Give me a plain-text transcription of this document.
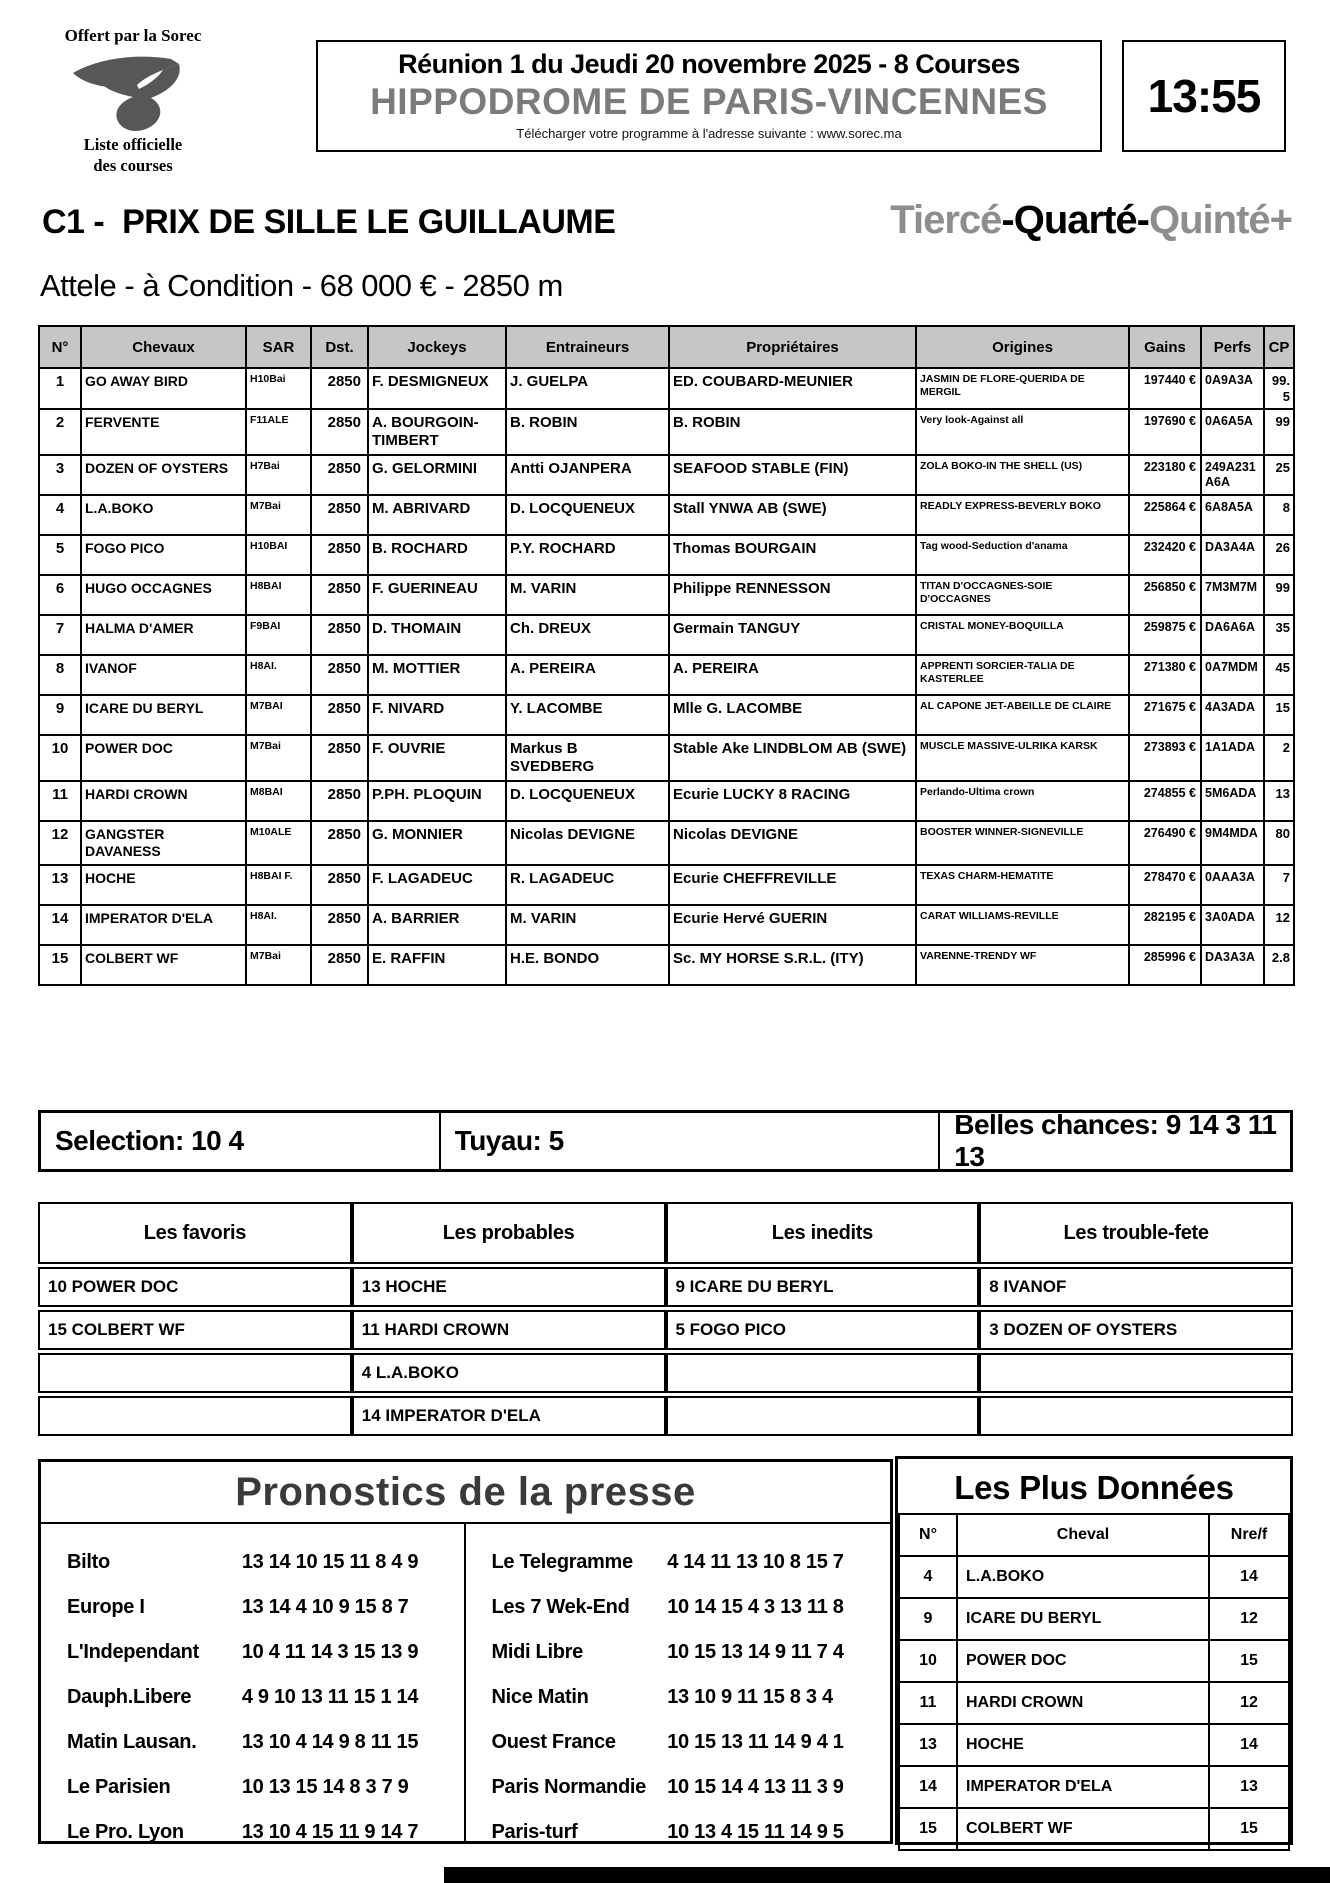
Offert par la Sorec
Liste officielle
des courses
Réunion 1 du Jeudi 20 novembre 2025 - 8 Courses
HIPPODROME DE PARIS-VINCENNES
Télécharger votre programme à l'adresse suivante : www.sorec.ma
13:55
C1 -  PRIX DE SILLE LE GUILLAUME	Tiercé-Quarté-Quinté+
Attele - à Condition - 68 000 € - 2850 m
N°	Chevaux	SAR	Dst.	Jockeys	Entraineurs	Propriétaires	Origines	Gains	Perfs	CP
1	GO AWAY BIRD	H10Bai	2850	F. DESMIGNEUX	J. GUELPA	ED. COUBARD-MEUNIER	JASMIN DE FLORE-QUERIDA DE MERGIL	197440 €	0A9A3A	99.5
2	FERVENTE	F11ALE	2850	A. BOURGOIN-TIMBERT	B. ROBIN	B. ROBIN	Very look-Against all	197690 €	0A6A5A	99
3	DOZEN OF OYSTERS	H7Bai	2850	G. GELORMINI	Antti OJANPERA	SEAFOOD STABLE (FIN)	ZOLA BOKO-IN THE SHELL (US)	223180 €	249A231A6A	25
4	L.A.BOKO	M7Bai	2850	M. ABRIVARD	D. LOCQUENEUX	Stall YNWA AB (SWE)	READLY EXPRESS-BEVERLY BOKO	225864 €	6A8A5A	8
5	FOGO PICO	H10BAI	2850	B. ROCHARD	P.Y. ROCHARD	Thomas BOURGAIN	Tag wood-Seduction d'anama	232420 €	DA3A4A	26
6	HUGO OCCAGNES	H8BAI	2850	F. GUERINEAU	M. VARIN	Philippe RENNESSON	TITAN D'OCCAGNES-SOIE D'OCCAGNES	256850 €	7M3M7M	99
7	HALMA D'AMER	F9BAI	2850	D. THOMAIN	Ch. DREUX	Germain TANGUY	CRISTAL MONEY-BOQUILLA	259875 €	DA6A6A	35
8	IVANOF	H8AI.	2850	M. MOTTIER	A. PEREIRA	A. PEREIRA	APPRENTI SORCIER-TALIA DE KASTERLEE	271380 €	0A7MDM	45
9	ICARE DU BERYL	M7BAI	2850	F. NIVARD	Y. LACOMBE	Mlle G. LACOMBE	AL CAPONE JET-ABEILLE DE CLAIRE	271675 €	4A3ADA	15
10	POWER DOC	M7Bai	2850	F. OUVRIE	Markus B SVEDBERG	Stable Ake LINDBLOM AB (SWE)	MUSCLE MASSIVE-ULRIKA KARSK	273893 €	1A1ADA	2
11	HARDI CROWN	M8BAI	2850	P.PH. PLOQUIN	D. LOCQUENEUX	Ecurie LUCKY 8 RACING	Perlando-Ultima crown	274855 €	5M6ADA	13
12	GANGSTER DAVANESS	M10ALE	2850	G. MONNIER	Nicolas DEVIGNE	Nicolas DEVIGNE	BOOSTER WINNER-SIGNEVILLE	276490 €	9M4MDA	80
13	HOCHE	H8BAI F.	2850	F. LAGADEUC	R. LAGADEUC	Ecurie CHEFFREVILLE	TEXAS CHARM-HEMATITE	278470 €	0AAA3A	7
14	IMPERATOR D'ELA	H8AI.	2850	A. BARRIER	M. VARIN	Ecurie Hervé GUERIN	CARAT WILLIAMS-REVILLE	282195 €	3A0ADA	12
15	COLBERT WF	M7Bai	2850	E. RAFFIN	H.E. BONDO	Sc. MY HORSE S.R.L. (ITY)	VARENNE-TRENDY WF	285996 €	DA3A3A	2.8
Selection: 10 4	Tuyau: 5
Belles chances: 9 14 3 11 13
Les favoris	Les probables	Les inedits	Les trouble-fete
10 POWER DOC	13 HOCHE	9 ICARE DU BERYL	8 IVANOF
15 COLBERT WF	11 HARDI CROWN	5 FOGO PICO	3 DOZEN OF OYSTERS
	4 L.A.BOKO		
	14 IMPERATOR D'ELA		
Pronostics de la presse
Bilto	13 14 10 15 11 8 4 9
Europe I	13 14 4 10 9 15 8 7
L'Independant	10 4 11 14 3 15 13 9
Dauph.Libere	4 9 10 13 11 15 1 14
Matin Lausan.	13 10 4 14 9 8 11 15
Le Parisien	10 13 15 14 8 3 7 9
Le Pro. Lyon	13 10 4 15 11 9 14 7
Le Telegramme	4 14 11 13 10 8 15 7
Les 7 Wek-End	10 14 15 4 3 13 11 8
Midi Libre	10 15 13 14 9 11 7 4
Nice Matin	13 10 9 11 15 8 3 4
Ouest France	10 15 13 11 14 9 4 1
Paris Normandie	10 15 14 4 13 11 3 9
Paris-turf	10 13 4 15 11 14 9 5
Les Plus Données
N°	Cheval	Nre/f
4	L.A.BOKO	14
9	ICARE DU BERYL	12
10	POWER DOC	15
11	HARDI CROWN	12
13	HOCHE	14
14	IMPERATOR D'ELA	13
15	COLBERT WF	15
